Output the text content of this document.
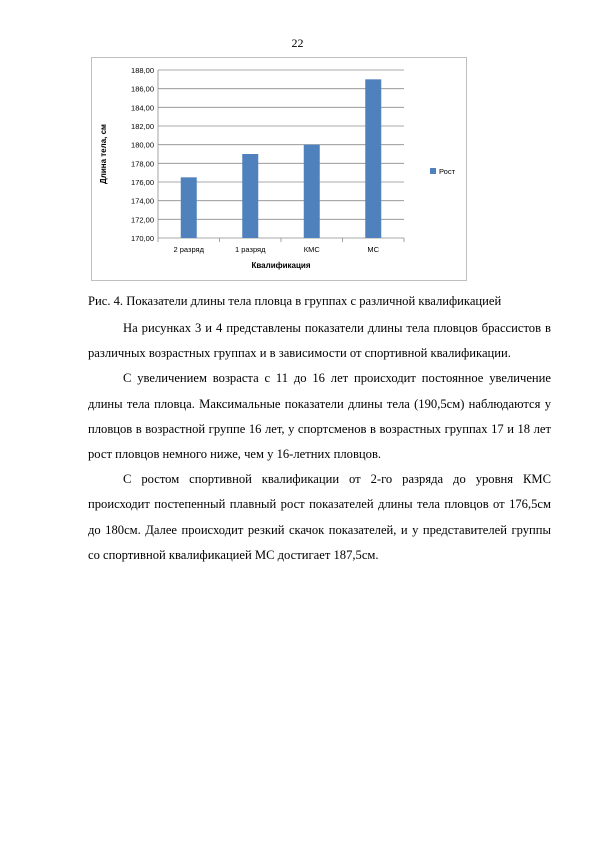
22
170,00
172,00
174,00
176,00
178,00
180,00
182,00
184,00
186,00
188,00
2 разряд	1 разряд	КМС	МС
Квалификация
Длина тела, см	Рост
Рис. 4. Показатели длины тела пловца в группах с различной квалификацией

На рисунках 3 и 4 представлены показатели длины тела пловцов брассистов в различных возрастных группах и в зависимости от спортивной квалификации.

С увеличением возраста с 11 до 16 лет происходит постоянное увеличение длины тела пловца. Максимальные показатели длины тела (190,5см) наблюдаются у пловцов в возрастной группе 16 лет, у спортсменов в возрастных группах 17 и 18 лет рост пловцов немного ниже, чем у 16-летних пловцов.

С ростом спортивной квалификации от 2-го разряда до уровня КМС происходит постепенный плавный рост показателей длины тела пловцов от 176,5см до 180см. Далее происходит резкий скачок показателей, и у представителей группы со спортивной квалификацией МС достигает 187,5см.
